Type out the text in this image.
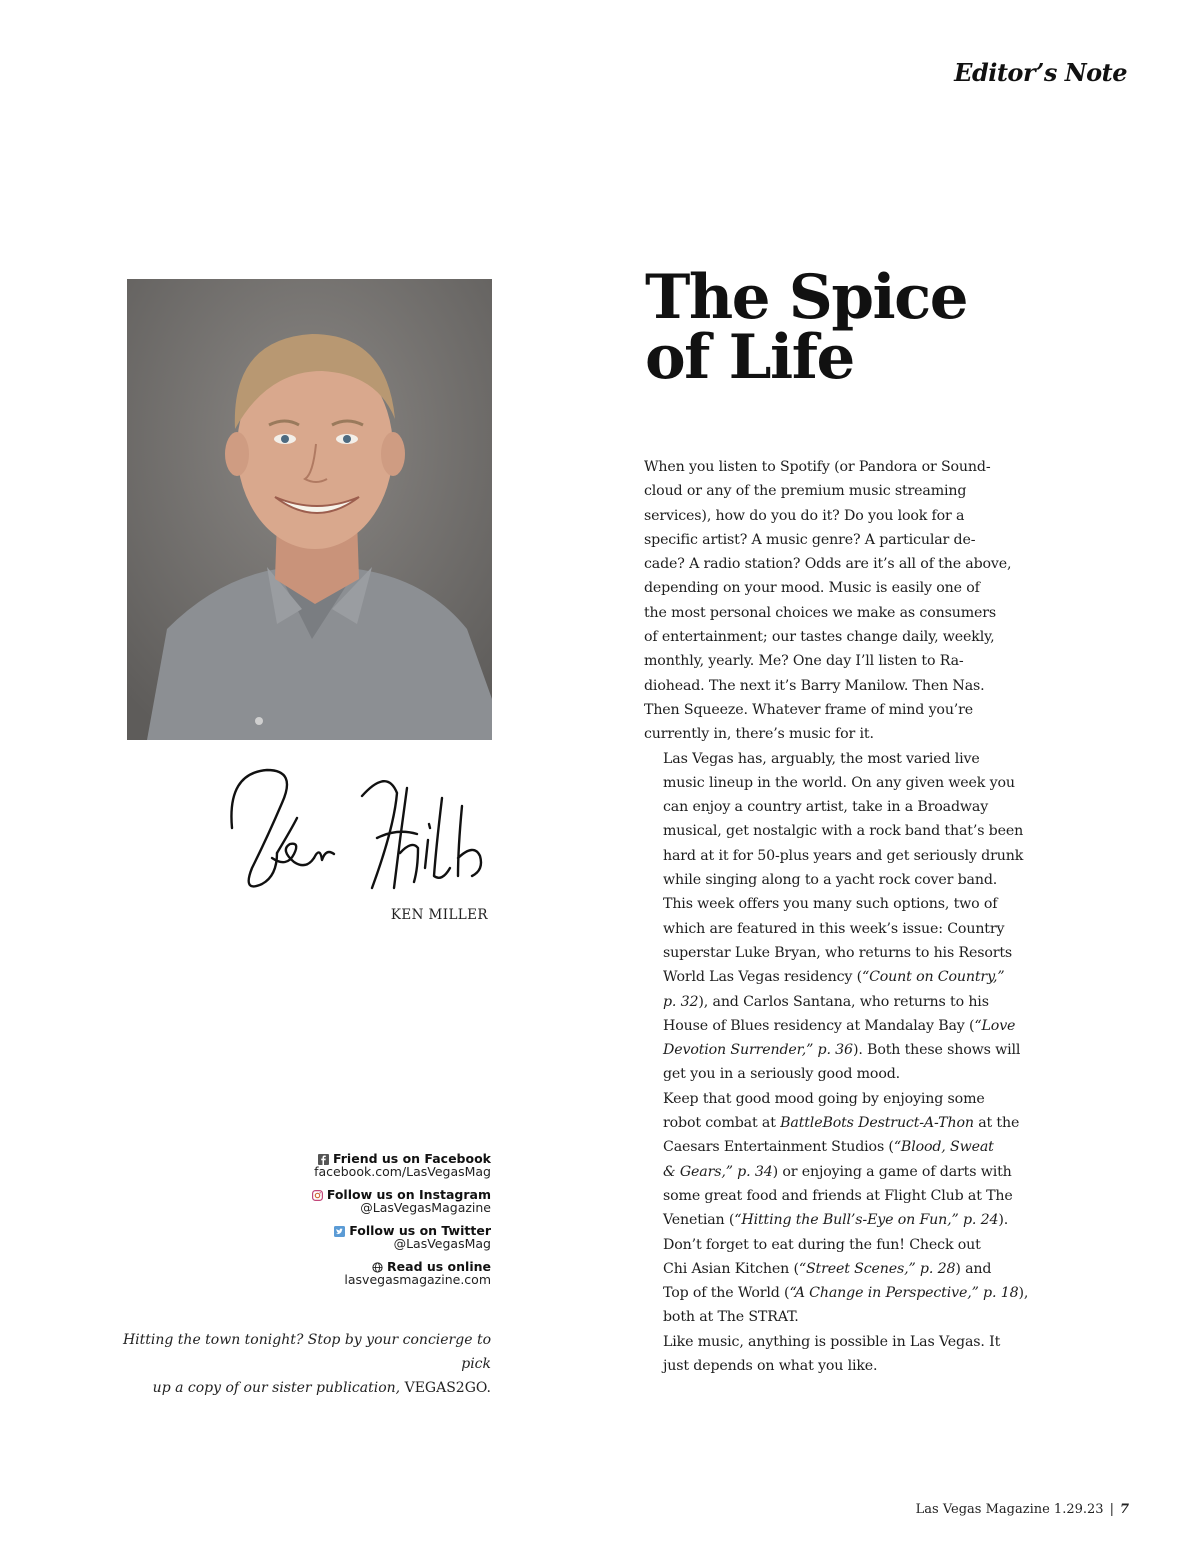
Editor’s Note
KEN MILLER
Friend us on Facebook
facebook.com/LasVegasMag
Follow us on Instagram
@LasVegasMagazine
Follow us on Twitter
@LasVegasMag
Read us online
lasvegasmagazine.com
Hitting the town tonight? Stop by your concierge to pick
up a copy of our sister publication, VEGAS2GO.
The Spice
of Life

When you listen to Spotify (or Pandora or Sound-
cloud or any of the premium music streaming
services), how do you do it? Do you look for a
specific artist? A music genre? A particular de-
cade? A radio station? Odds are it’s all of the above,
depending on your mood. Music is easily one of
the most personal choices we make as consumers
of entertainment; our tastes change daily, weekly,
monthly, yearly. Me? One day I’ll listen to Ra-
diohead. The next it’s Barry Manilow. Then Nas.
Then Squeeze. Whatever frame of mind you’re
currently in, there’s music for it.

Las Vegas has, arguably, the most varied live
music lineup in the world. On any given week you
can enjoy a country artist, take in a Broadway
musical, get nostalgic with a rock band that’s been
hard at it for 50-plus years and get seriously drunk
while singing along to a yacht rock cover band.
This week offers you many such options, two of
which are featured in this week’s issue: Country
superstar Luke Bryan, who returns to his Resorts
World Las Vegas residency (“Count on Country,”
p. 32), and Carlos Santana, who returns to his
House of Blues residency at Mandalay Bay (“Love
Devotion Surrender,” p. 36). Both these shows will
get you in a seriously good mood.

Keep that good mood going by enjoying some
robot combat at BattleBots Destruct-A-Thon at the
Caesars Entertainment Studios (“Blood, Sweat
& Gears,” p. 34) or enjoying a game of darts with
some great food and friends at Flight Club at The
Venetian (“Hitting the Bull’s-Eye on Fun,” p. 24).

Don’t forget to eat during the fun! Check out
Chi Asian Kitchen (“Street Scenes,” p. 28) and
Top of the World (“A Change in Perspective,” p. 18),
both at The STRAT.

Like music, anything is possible in Las Vegas. It
just depends on what you like.

Las Vegas Magazine 1.29.23 | 7
